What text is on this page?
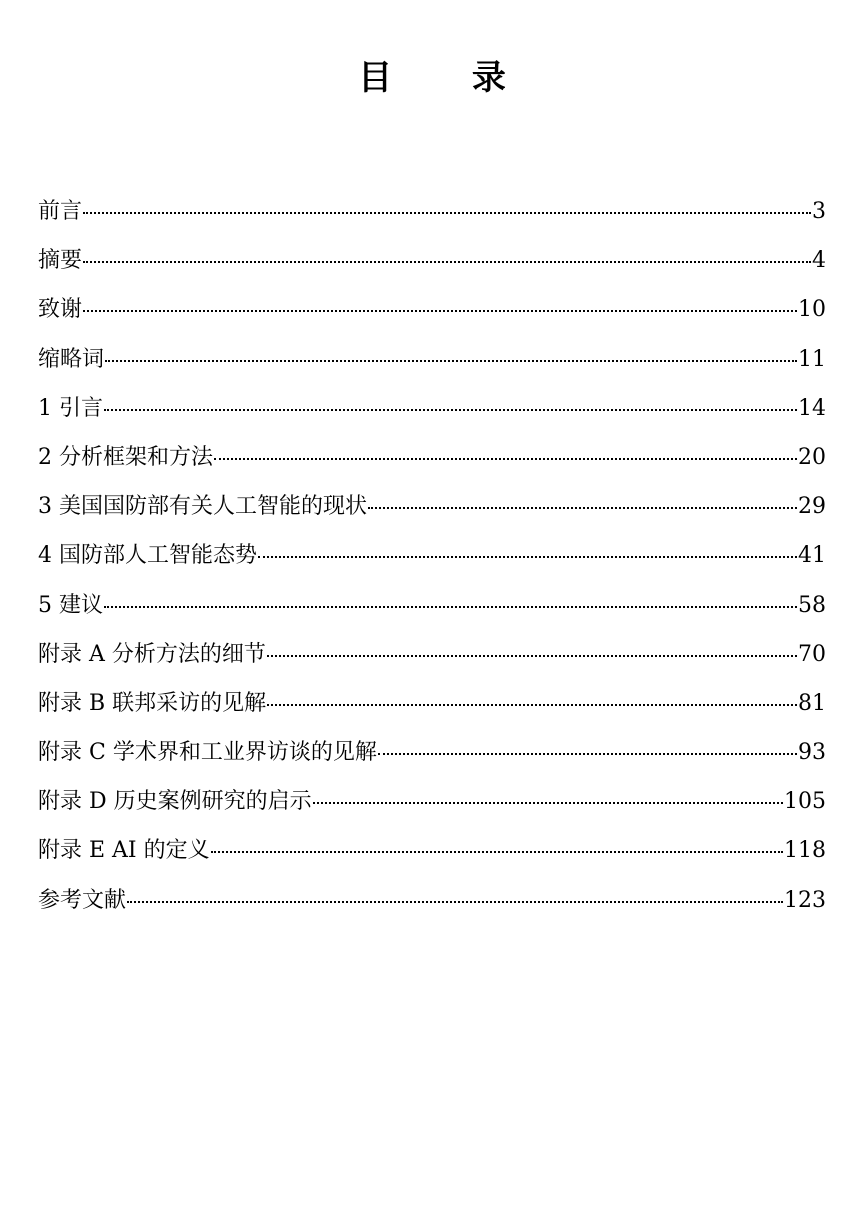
目 录
前言	3
摘要	4
致谢	10
缩略词	11
1 引言	14
2 分析框架和方法	20
3 美国国防部有关人工智能的现状	29
4 国防部人工智能态势	41
5 建议	58
附录 A 分析方法的细节	70
附录 B 联邦采访的见解	81
附录 C 学术界和工业界访谈的见解	93
附录 D 历史案例研究的启示	105
附录 E AI 的定义	118
参考文献	123
